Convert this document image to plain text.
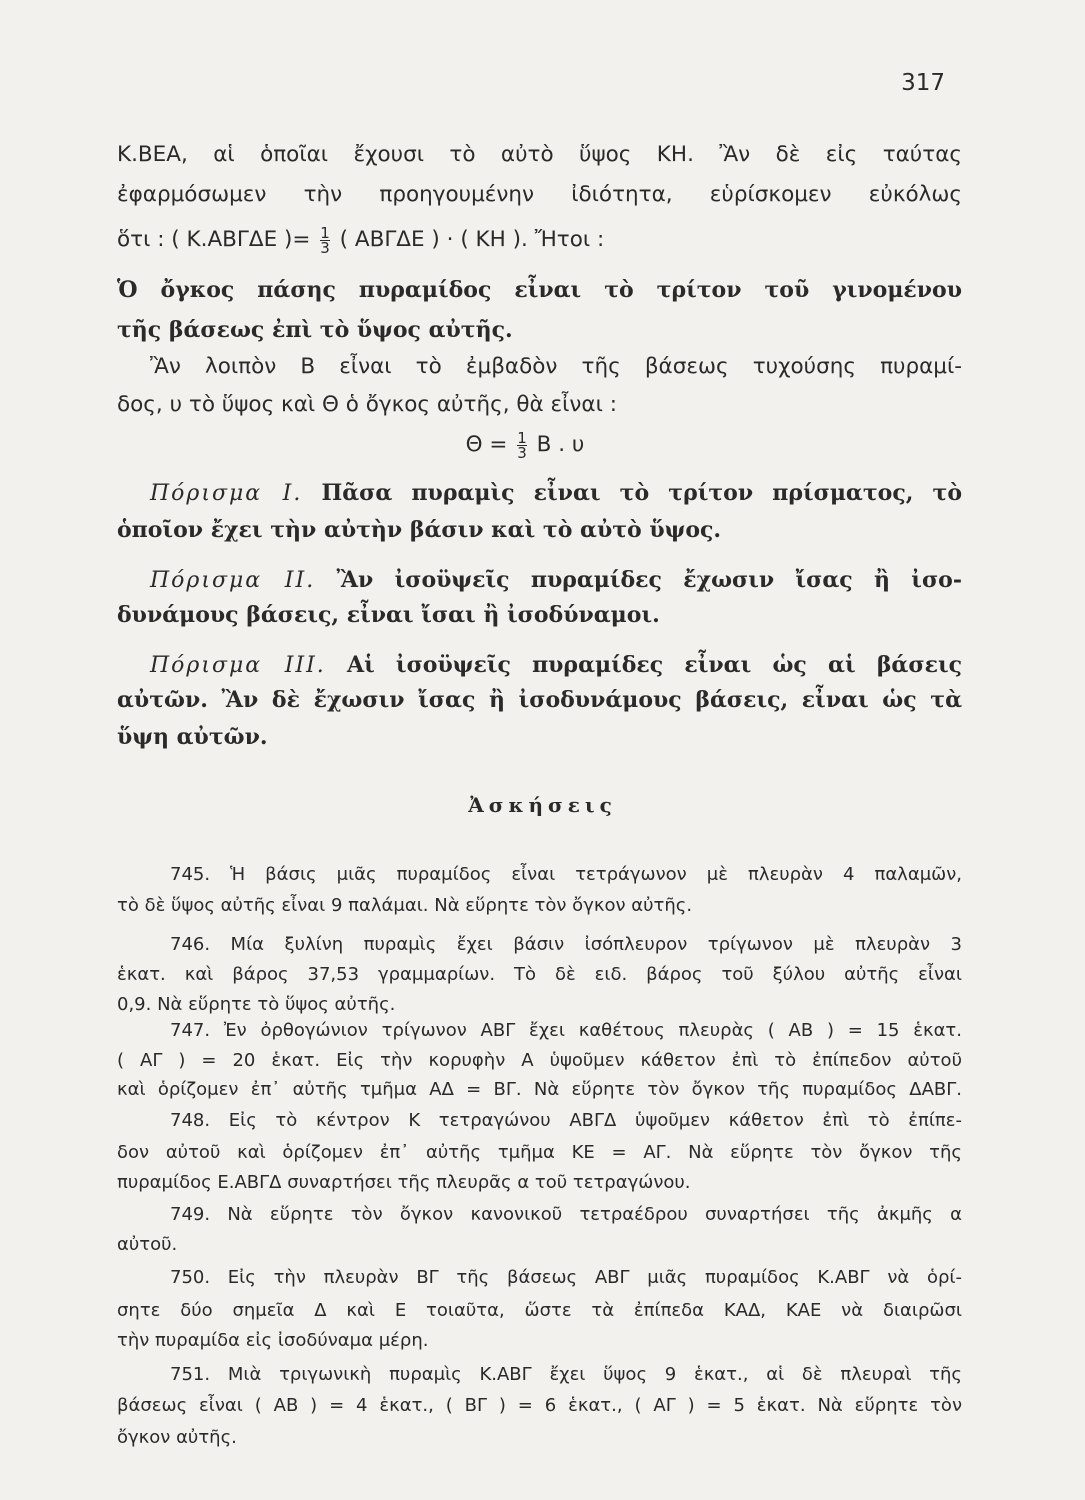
317
Κ.ΒΕΑ, αἱ ὁποῖαι ἔχουσι τὸ αὐτὸ ὕψος ΚΗ. Ἂν δὲ εἰς ταύτας
ἐφαρμόσωμεν τὴν προηγουμένην ἰδιότητα, εὑρίσκομεν εὐκόλως
ὅτι : ( Κ.ΑΒΓΔΕ )= $\frac{1}{3}$ ( ΑΒΓΔΕ ) · ( ΚΗ ). Ἤτοι :
Ὁ ὄγκος πάσης πυραμίδος εἶναι τὸ τρίτον τοῦ γινομένου
τῆς βάσεως ἐπὶ τὸ ὕψος αὐτῆς.
Ἂν λοιπὸν Β εἶναι τὸ ἐμβαδὸν τῆς βάσεως τυχούσης πυραμί-
δος, υ τὸ ὕψος καὶ Θ ὁ ὄγκος αὐτῆς, θὰ εἶναι :
$\Theta = \frac{1}{3}$ Β . υ
Πόρισμα Ι. Πᾶσα πυραμὶς εἶναι τὸ τρίτον πρίσματος, τὸ
ὁποῖον ἔχει τὴν αὐτὴν βάσιν καὶ τὸ αὐτὸ ὕψος.
Πόρισμα ΙΙ. Ἂν ἰσοϋψεῖς πυραμίδες ἔχωσιν ἴσας ἢ ἰσο-
δυνάμους βάσεις, εἶναι ἴσαι ἢ ἰσοδύναμοι.
Πόρισμα ΙΙΙ. Αἱ ἰσοϋψεῖς πυραμίδες εἶναι ὡς αἱ βάσεις
αὐτῶν. Ἂν δὲ ἔχωσιν ἴσας ἢ ἰσοδυνάμους βάσεις, εἶναι ὡς τὰ
ὕψη αὐτῶν.
Ἀσκήσεις
745. Ἡ βάσις μιᾶς πυραμίδος εἶναι τετράγωνον μὲ πλευρὰν 4 παλαμῶν,
τὸ δὲ ὕψος αὐτῆς εἶναι 9 παλάμαι. Νὰ εὕρητε τὸν ὄγκον αὐτῆς.
746. Μία ξυλίνη πυραμὶς ἔχει βάσιν ἰσόπλευρον τρίγωνον μὲ πλευρὰν 3
ἑκατ. καὶ βάρος 37,53 γραμμαρίων. Τὸ δὲ ειδ. βάρος τοῦ ξύλου αὐτῆς εἶναι
0,9. Νὰ εὕρητε τὸ ὕψος αὐτῆς.
747. Ἐν ὀρθογώνιον τρίγωνον ΑΒΓ ἔχει καθέτους πλευρὰς ( ΑΒ ) = 15 ἑκατ.
( ΑΓ ) = 20 ἑκατ. Εἰς τὴν κορυφὴν Α ὑψοῦμεν κάθετον ἐπὶ τὸ ἐπίπεδον αὐτοῦ
καὶ ὁρίζομεν ἐπ᾽ αὐτῆς τμῆμα ΑΔ = ΒΓ. Νὰ εὕρητε τὸν ὄγκον τῆς πυραμίδος ΔΑΒΓ.
748. Εἰς τὸ κέντρον Κ τετραγώνου ΑΒΓΔ ὑψοῦμεν κάθετον ἐπὶ τὸ ἐπίπε-
δον αὐτοῦ καὶ ὁρίζομεν ἐπ᾽ αὐτῆς τμῆμα ΚΕ = ΑΓ. Νὰ εὕρητε τὸν ὄγκον τῆς
πυραμίδος Ε.ΑΒΓΔ συναρτήσει τῆς πλευρᾶς α τοῦ τετραγώνου.
749. Νὰ εὕρητε τὸν ὄγκον κανονικοῦ τετραέδρου συναρτήσει τῆς ἀκμῆς α
αὐτοῦ.
750. Εἰς τὴν πλευρὰν ΒΓ τῆς βάσεως ΑΒΓ μιᾶς πυραμίδος Κ.ΑΒΓ νὰ ὁρί-
σητε δύο σημεῖα Δ καὶ Ε τοιαῦτα, ὥστε τὰ ἐπίπεδα ΚΑΔ, ΚΑΕ νὰ διαιρῶσι
τὴν πυραμίδα εἰς ἰσοδύναμα μέρη.
751. Μιὰ τριγωνικὴ πυραμὶς Κ.ΑΒΓ ἔχει ὕψος 9 ἑκατ., αἱ δὲ πλευραὶ τῆς
βάσεως εἶναι ( ΑΒ ) = 4 ἑκατ., ( ΒΓ ) = 6 ἑκατ., ( ΑΓ ) = 5 ἑκατ. Νὰ εὕρητε τὸν
ὄγκον αὐτῆς.
